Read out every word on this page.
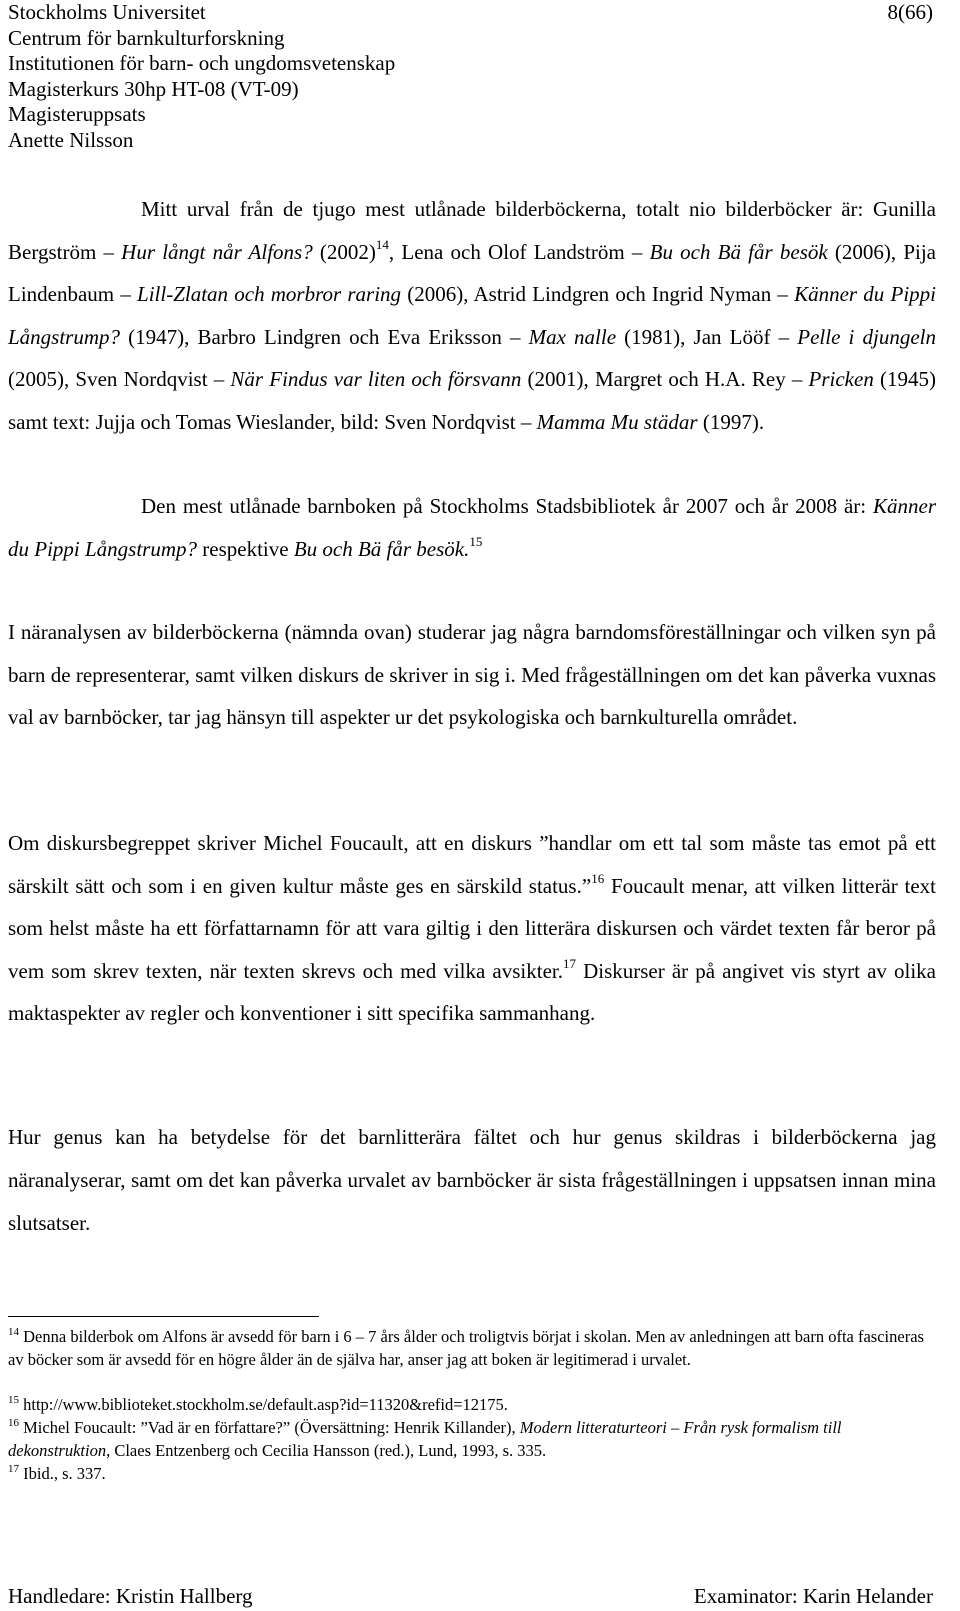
Stockholms Universitet
Centrum för barnkulturforskning
Institutionen för barn- och ungdomsvetenskap
Magisterkurs 30hp HT-08 (VT-09)
Magisteruppsats
Anette Nilsson
8(66)
Mitt urval från de tjugo mest utlånade bilderböckerna, totalt nio bilderböcker är: Gunilla Bergström – Hur långt når Alfons? $(2002)^{14}$, Lena och Olof Landström – Bu och Bä får besök (2006), Pija Lindenbaum – Lill-Zlatan och morbror raring (2006), Astrid Lindgren och Ingrid Nyman – Känner du Pippi Långstrump? (1947), Barbro Lindgren och Eva Eriksson – Max nalle (1981), Jan Lööf – Pelle i djungeln (2005), Sven Nordqvist – När Findus var liten och försvann (2001), Margret och H.A. Rey – Pricken (1945) samt text: Jujja och Tomas Wieslander, bild: Sven Nordqvist – Mamma Mu städar (1997).
Den mest utlånade barnboken på Stockholms Stadsbibliotek år 2007 och år 2008 är: Känner du Pippi Långstrump? respektive Bu och Bä får besök.$^{15}$
I näranalysen av bilderböckerna (nämnda ovan) studerar jag några barndomsföreställningar och vilken syn på barn de representerar, samt vilken diskurs de skriver in sig i. Med frågeställningen om det kan påverka vuxnas val av barnböcker, tar jag hänsyn till aspekter ur det psykologiska och barnkulturella området.
Om diskursbegreppet skriver Michel Foucault, att en diskurs ”handlar om ett tal som måste tas emot på ett särskilt sätt och som i en given kultur måste ges en särskild status.”$^{16}$ Foucault menar, att vilken litterär text som helst måste ha ett författarnamn för att vara giltig i den litterära diskursen och värdet texten får beror på vem som skrev texten, när texten skrevs och med vilka avsikter.$^{17}$ Diskurser är på angivet vis styrt av olika maktaspekter av regler och konventioner i sitt specifika sammanhang.
Hur genus kan ha betydelse för det barnlitterära fältet och hur genus skildras i bilderböckerna jag näranalyserar, samt om det kan påverka urvalet av barnböcker är sista frågeställningen i uppsatsen innan mina slutsatser.
$^{14}$ Denna bilderbok om Alfons är avsedd för barn i 6 – 7 års ålder och troligtvis börjat i skolan. Men av anledningen att barn ofta fascineras av böcker som är avsedd för en högre ålder än de själva har, anser jag att boken är legitimerad i urvalet.
$^{15}$ http://www.biblioteket.stockholm.se/default.asp?id=11320&refid=12175.
$^{16}$ Michel Foucault: ”Vad är en författare?” (Översättning: Henrik Killander), Modern litteraturteori – Från rysk formalism till dekonstruktion, Claes Entzenberg och Cecilia Hansson (red.), Lund, 1993, s. 335.
$^{17}$ Ibid., s. 337.
Handledare: Kristin Hallberg	Examinator: Karin Helander
